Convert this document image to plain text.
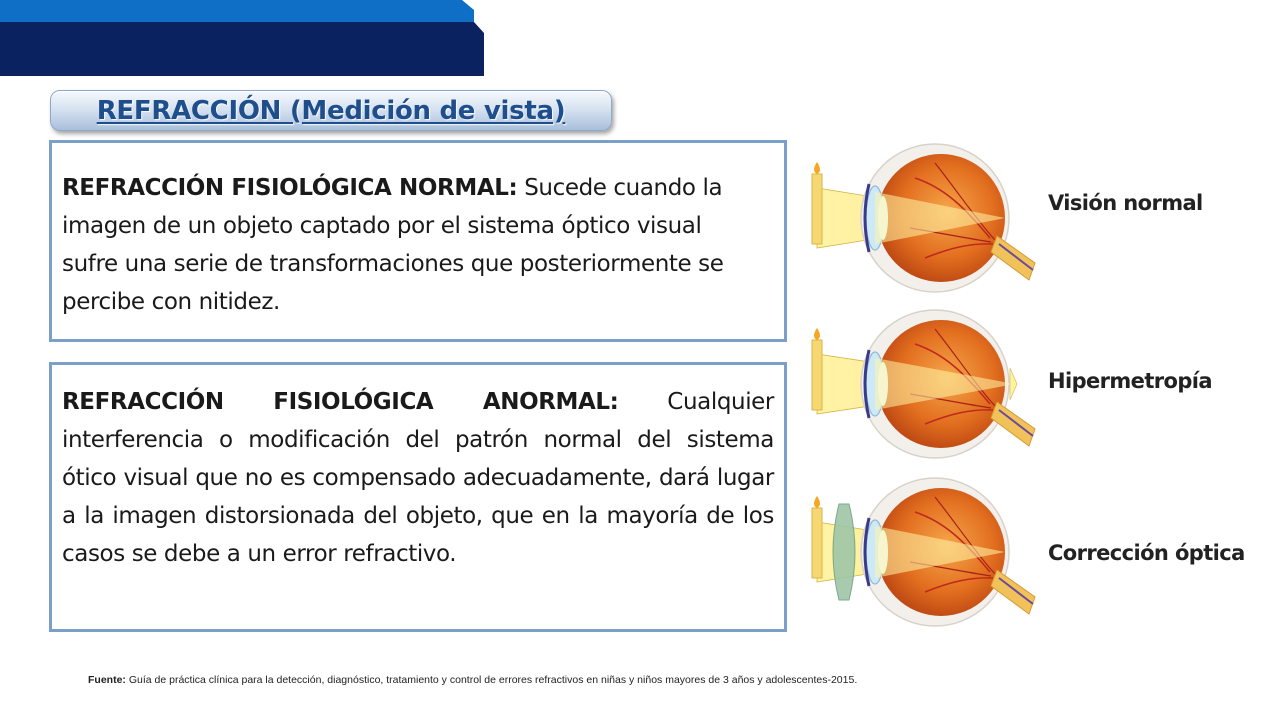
REFRACCIÓN (Medición de vista)

REFRACCIÓN FISIOLÓGICA NORMAL: Sucede cuando la imagen de un objeto captado por el sistema óptico visual sufre una serie de transformaciones que posteriormente se percibe con nitidez.

REFRACCIÓN FISIOLÓGICA ANORMAL: Cualquier interferencia o modificación del patrón normal del sistema ótico visual que no es compensado adecuadamente, dará lugar a la imagen distorsionada del objeto, que en la mayoría de los casos se debe a un error refractivo.

Visión normal
Hipermetropía
Corrección óptica
Fuente: Guía de práctica clínica para la detección, diagnóstico, tratamiento y control de errores refractivos en niñas y niños mayores de 3 años y adolescentes-2015.
